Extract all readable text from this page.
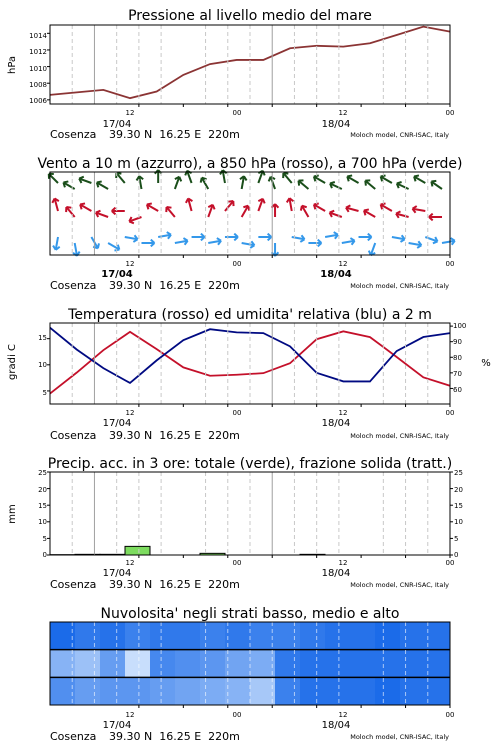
Pressione al livello medio del mare
hPa
1006
1008
1010
1012
1014
12	00	12	00
17/04	18/04
Cosenza 39.30 N  16.25 E  220m	Moloch model, CNR-ISAC, Italy
Vento a 10 m (azzurro), a 850 hPa (rosso), a 700 hPa (verde)
12	00	12	00
17/04	18/04
Cosenza 39.30 N  16.25 E  220m	Moloch model, CNR-ISAC, Italy
Temperatura (rosso) ed umidita' relativa (blu) a 2 m
gradi C	%
5
10
15
60
70
80
90
100
12	00	12	00
17/04	18/04
Cosenza 39.30 N  16.25 E  220m	Moloch model, CNR-ISAC, Italy
Precip. acc. in 3 ore: totale (verde), frazione solida (tratt.)
mm
0
5
10
15
20
25
0
5
10
15
20
25
12	00	12	00
17/04	18/04
Cosenza 39.30 N  16.25 E  220m	Moloch model, CNR-ISAC, Italy
Nuvolosita' negli strati basso, medio e alto
12	00	12	00
17/04	18/04
Cosenza 39.30 N  16.25 E  220m	Moloch model, CNR-ISAC, Italy
